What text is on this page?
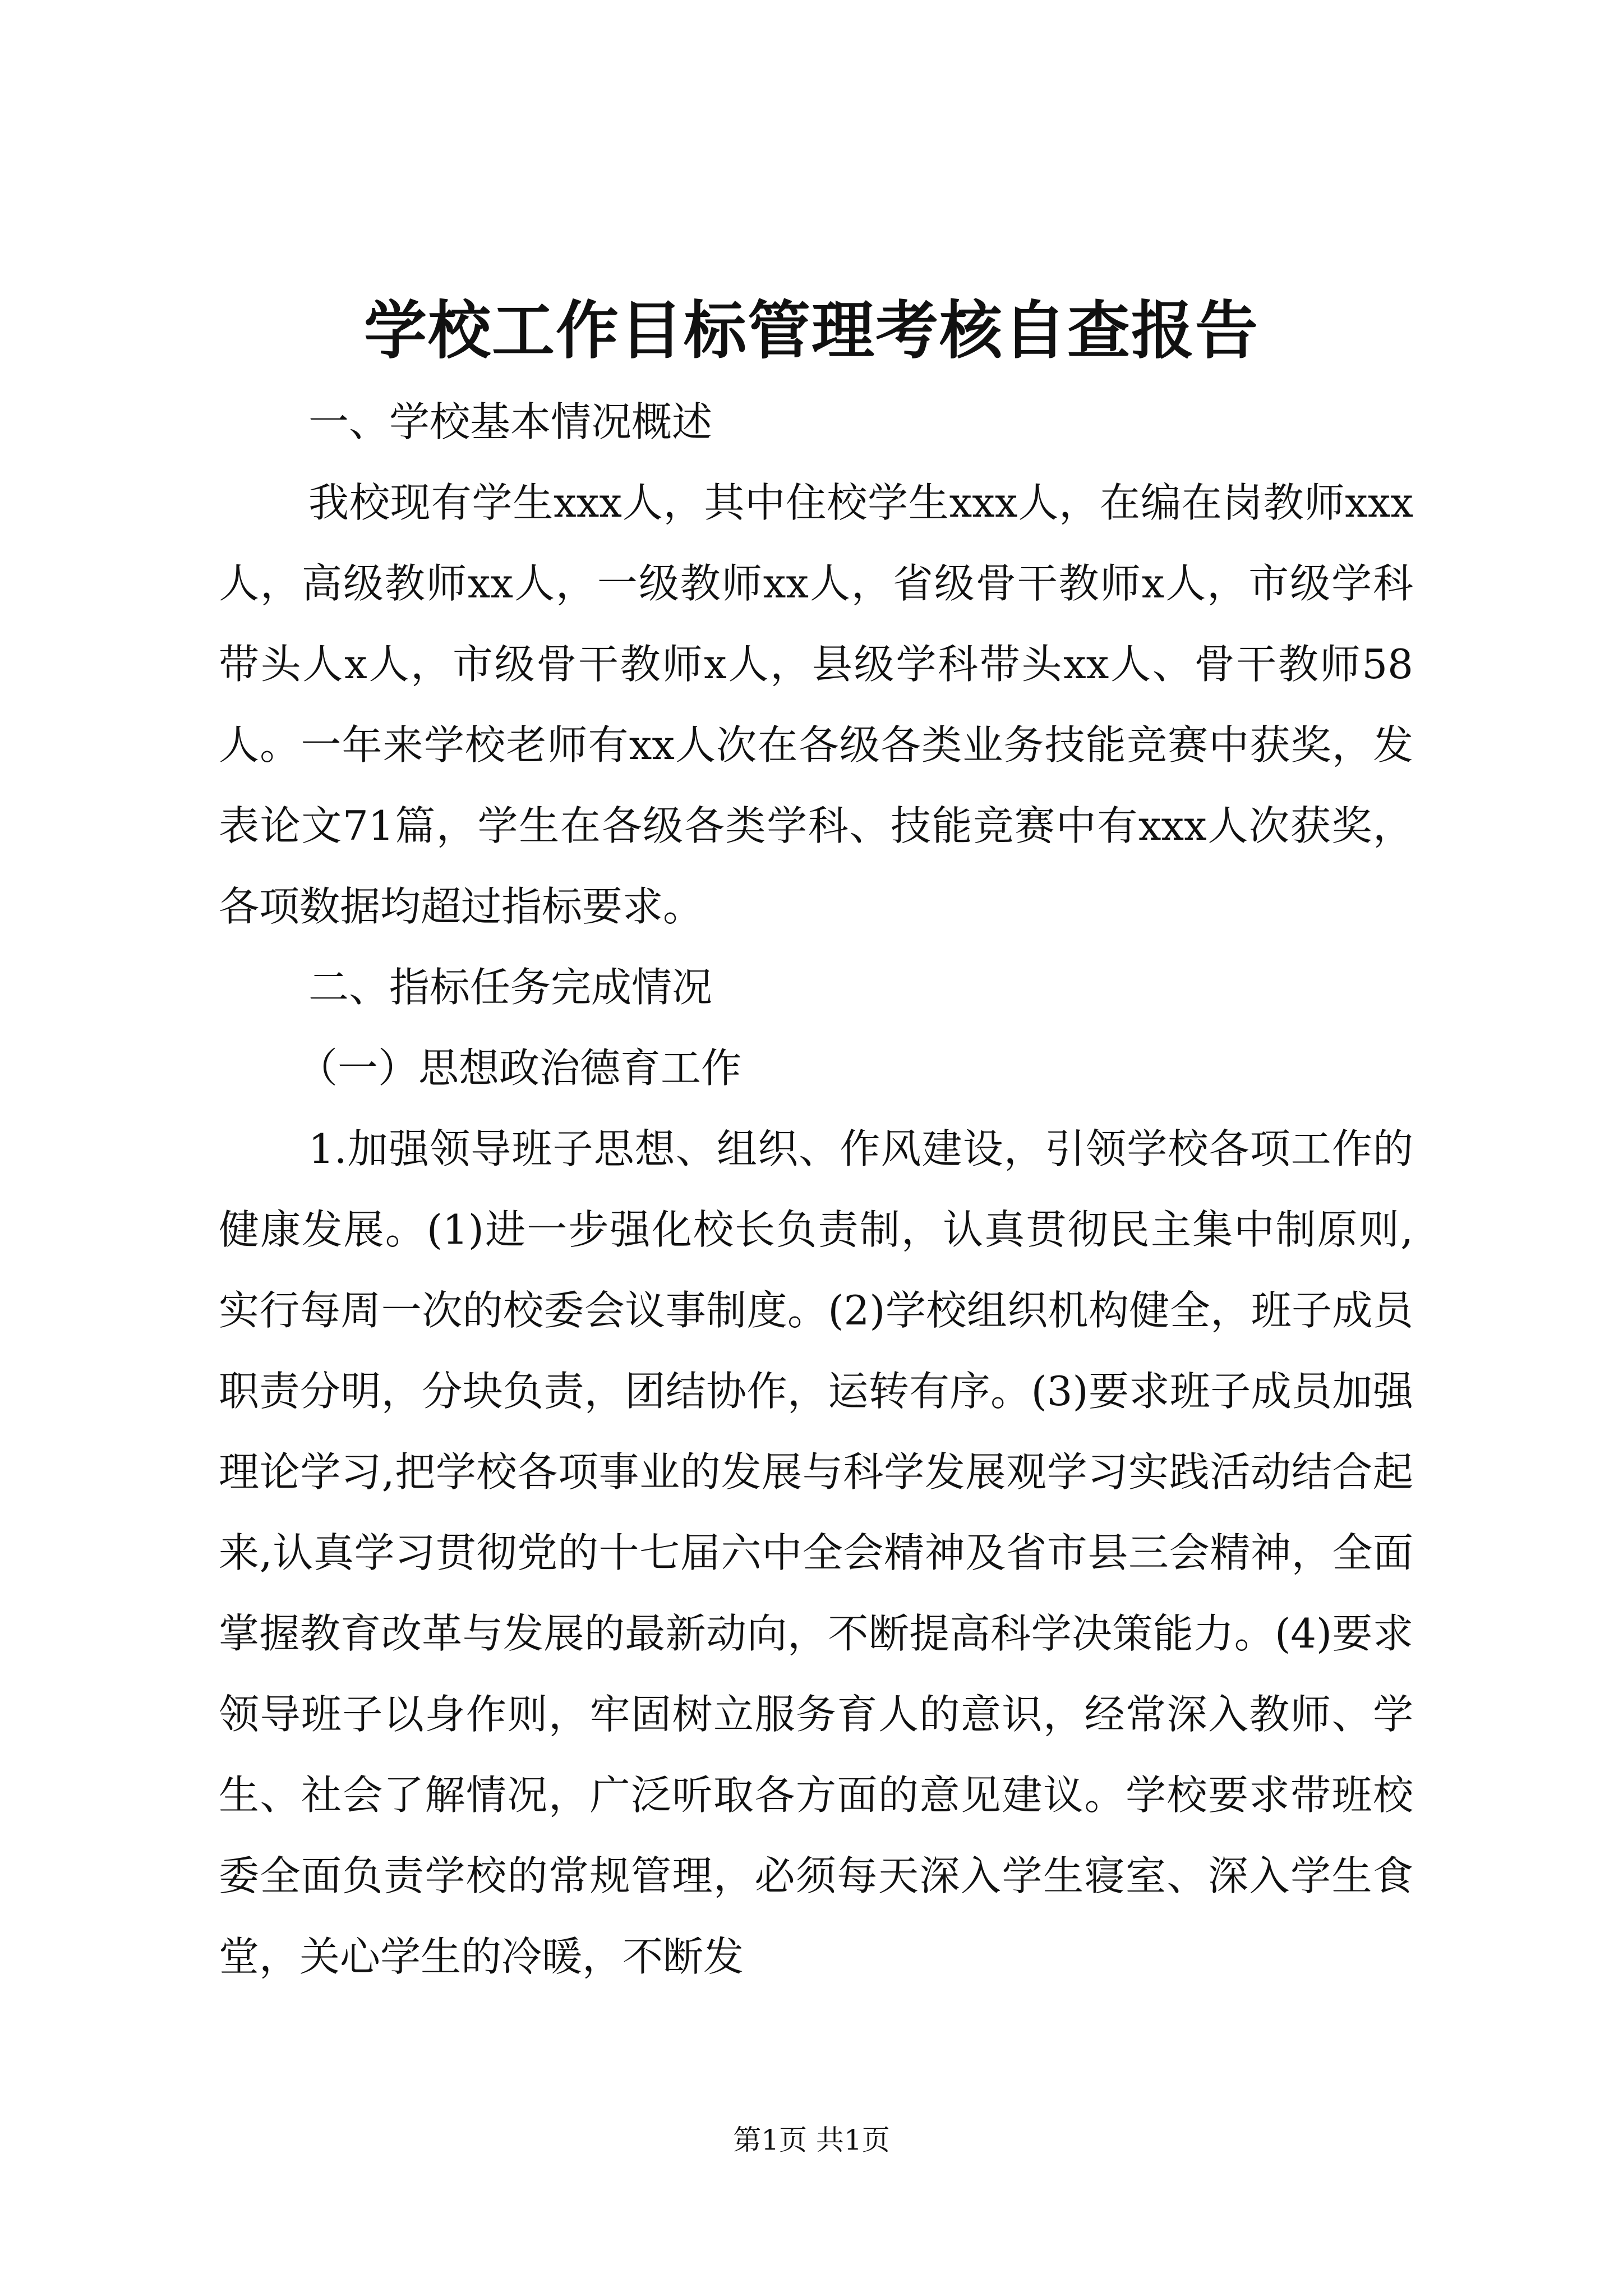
学校工作目标管理考核自查报告

一、学校基本情况概述

我校现有学生xxx人，其中住校学生xxx人，在编在岗教师xxx人，高级教师xx人，一级教师xx人，省级骨干教师x人，市级学科带头人x人，市级骨干教师x人，县级学科带头xx人、骨干教师58人。一年来学校老师有xx人次在各级各类业务技能竞赛中获奖，发表论文71篇，学生在各级各类学科、技能竞赛中有xxx人次获奖，各项数据均超过指标要求。

二、指标任务完成情况

（一）思想政治德育工作

1.加强领导班子思想、组织、作风建设，引领学校各项工作的健康发展。(1)进一步强化校长负责制，认真贯彻民主集中制原则,实行每周一次的校委会议事制度。(2)学校组织机构健全，班子成员职责分明，分块负责，团结协作，运转有序。(3)要求班子成员加强理论学习,把学校各项事业的发展与科学发展观学习实践活动结合起来,认真学习贯彻党的十七届六中全会精神及省市县三会精神，全面掌握教育改革与发展的最新动向，不断提高科学决策能力。(4)要求领导班子以身作则，牢固树立服务育人的意识，经常深入教师、学生、社会了解情况，广泛听取各方面的意见建议。学校要求带班校委全面负责学校的常规管理，必须每天深入学生寝室、深入学生食堂，关心学生的冷暖，不断发

第1页 共1页
